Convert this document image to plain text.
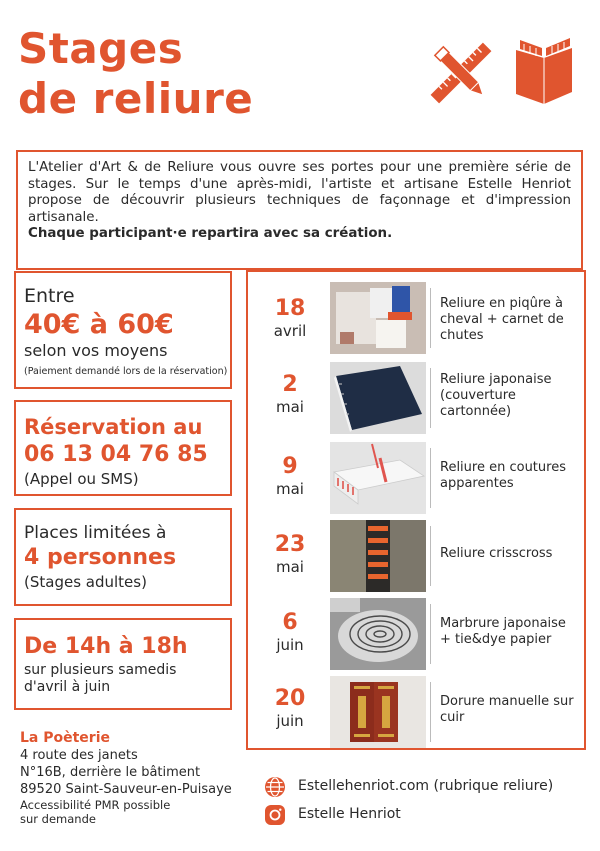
Stages
de reliure

L'Atelier d'Art & de Reliure vous ouvre ses portes pour une première série de stages. Sur le temps d'une après-midi, l'artiste et artisane Estelle Henriot propose de découvrir plusieurs techniques de façonnage et d'impression artisanale.

Chaque participant·e repartira avec sa création.
Entre
40€ à 60€
selon vos moyens
(Paiement demandé lors de la réservation)
Réservation au
06 13 04 76 85
(Appel ou SMS)
Places limitées à
4 personnes
(Stages adultes)
De 14h à 18h
sur plusieurs samedis
d'avril à juin
18
avril
Reliure en piqûre à cheval + carnet de chutes
2
mai
Reliure japonaise (couverture cartonnée)
9
mai
Reliure en coutures apparentes
23
mai
Reliure crisscross
6
juin
Marbrure japonaise + tie&dye papier
20
juin
Dorure manuelle sur cuir
La Poèterie
4 route des janets
N°16B, derrière le bâtiment
89520 Saint-Sauveur-en-Puisaye
Accessibilité PMR possible
sur demande
Estellehenriot.com (rubrique reliure)
Estelle Henriot
